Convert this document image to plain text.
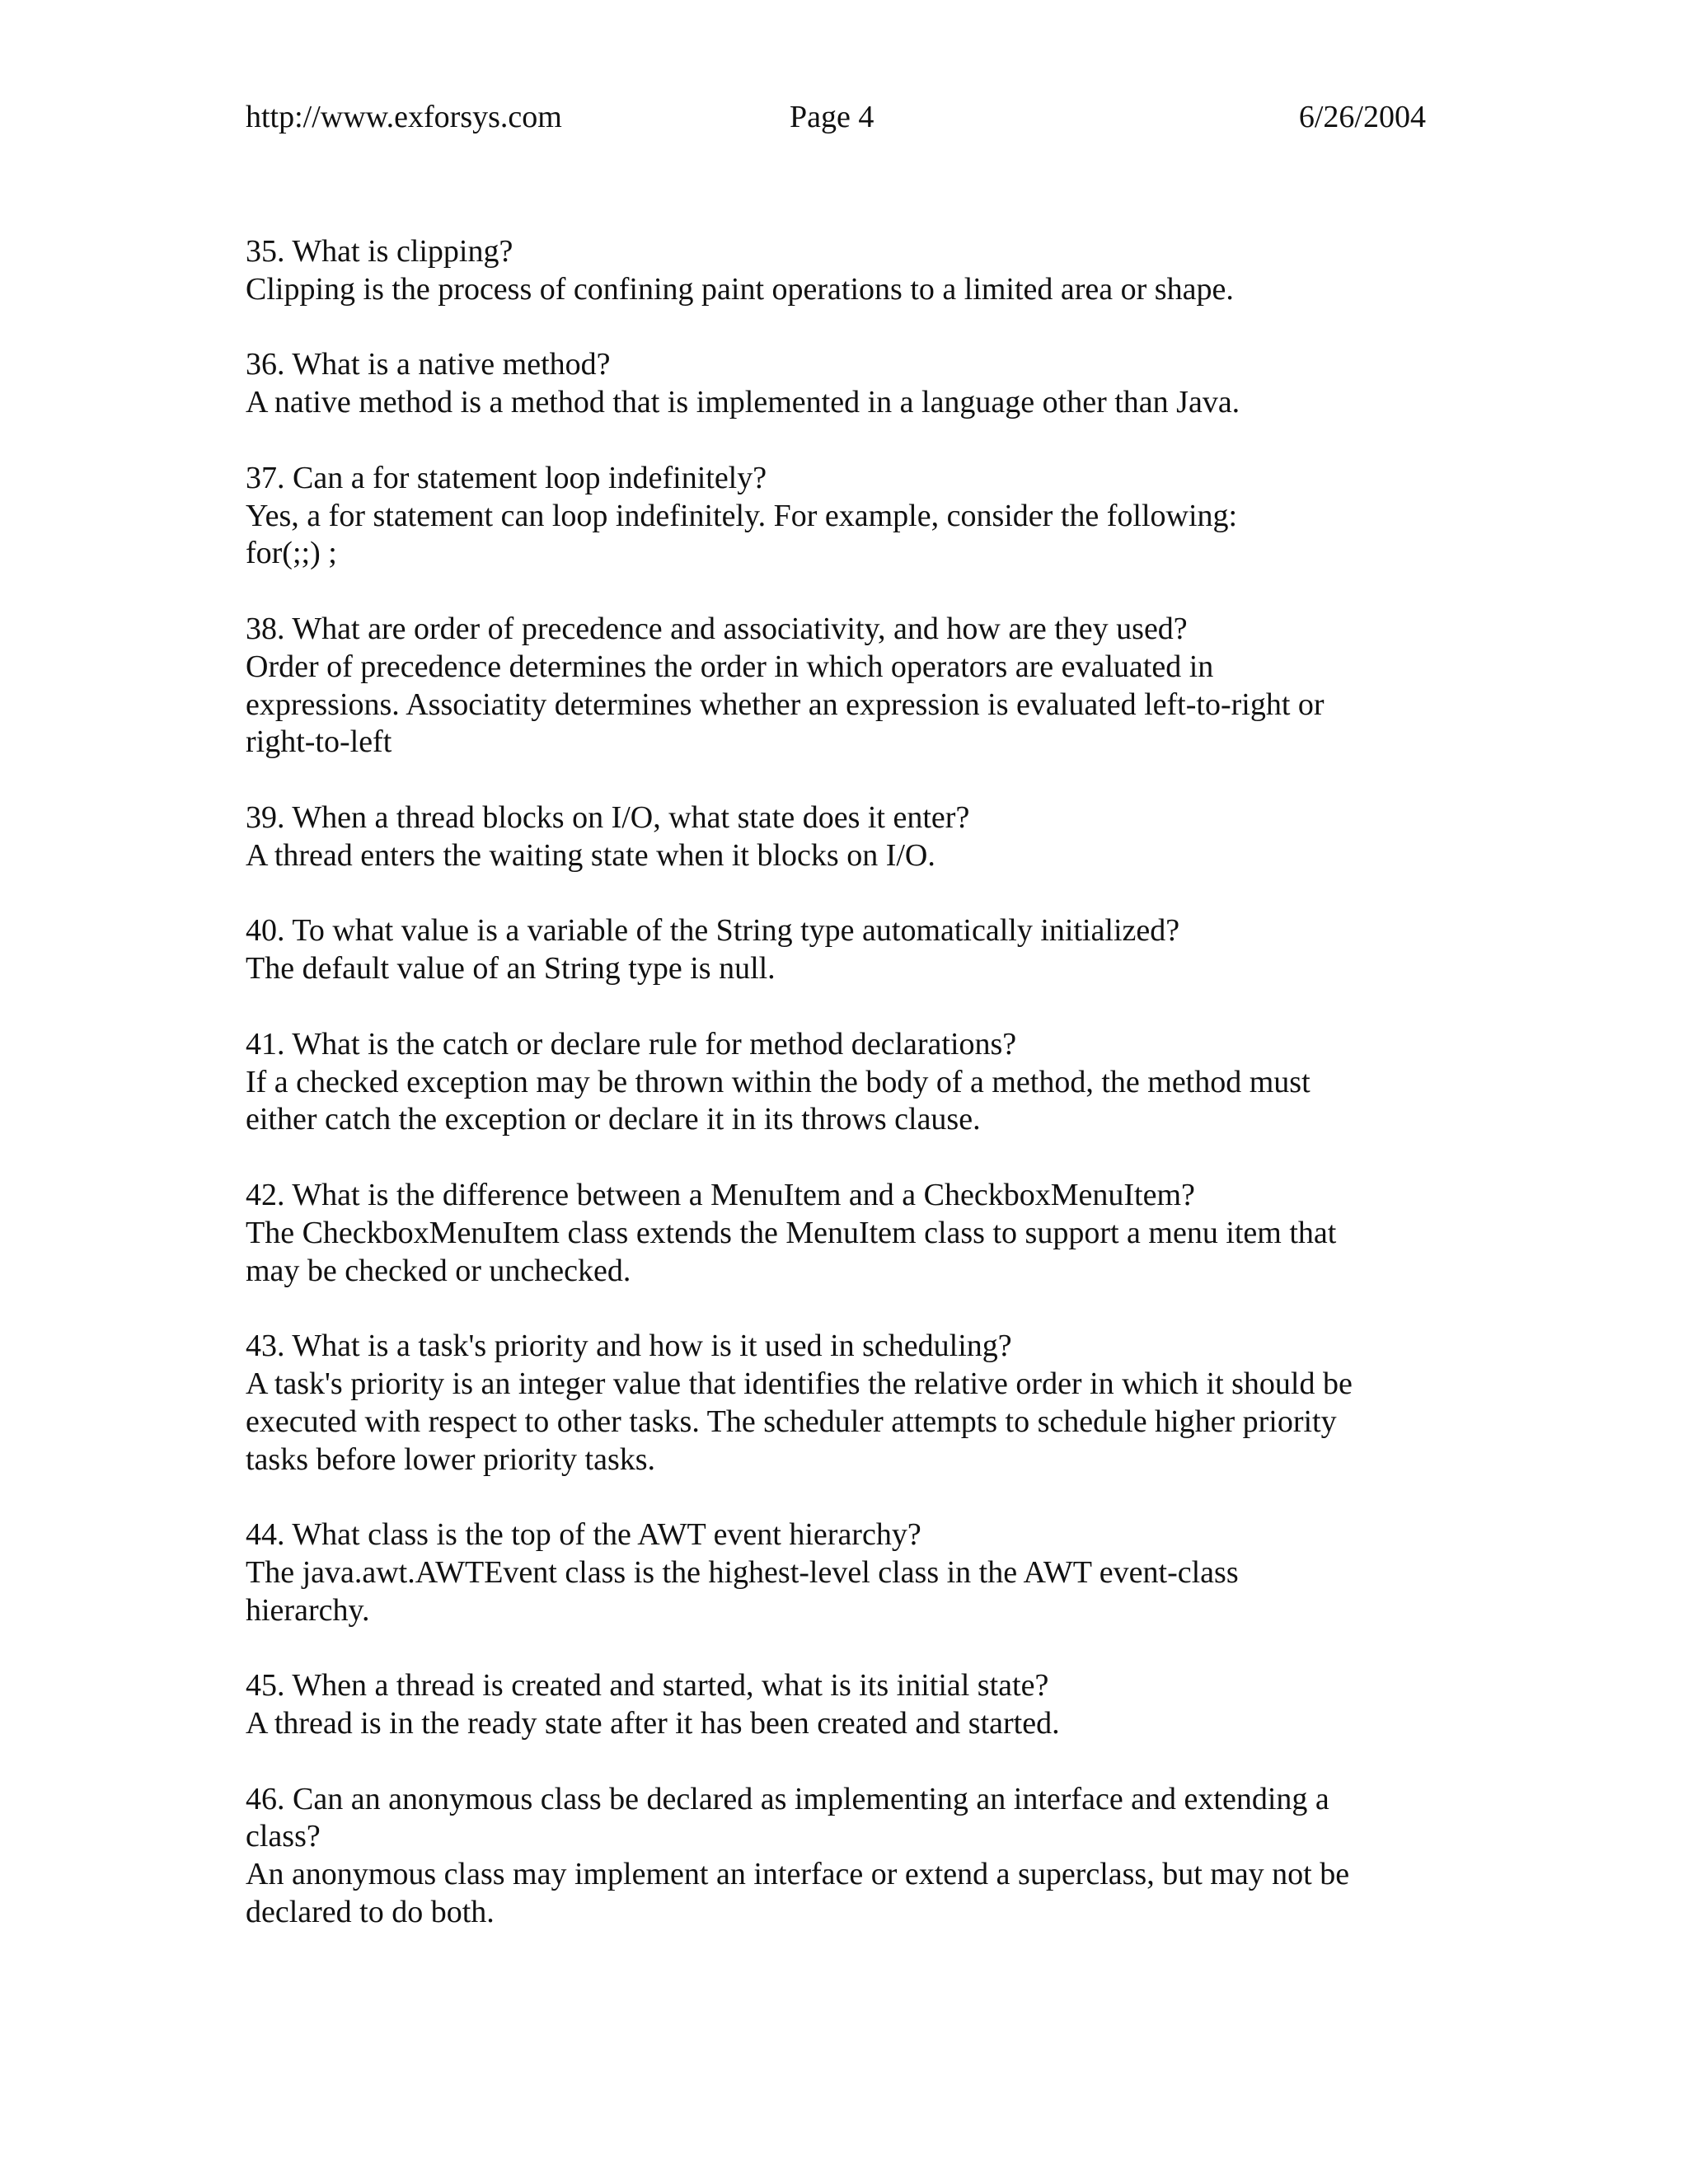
http://www.exforsys.com	Page 4	6/26/2004

35. What is clipping?

Clipping is the process of confining paint operations to a limited area or shape.

36. What is a native method?

A native method is a method that is implemented in a language other than Java.

37. Can a for statement loop indefinitely?

Yes, a for statement can loop indefinitely. For example, consider the following:
for(;;) ;

38. What are order of precedence and associativity, and how are they used?

Order of precedence determines the order in which operators are evaluated in
expressions. Associatity determines whether an expression is evaluated left-to-right or
right-to-left

39. When a thread blocks on I/O, what state does it enter?

A thread enters the waiting state when it blocks on I/O.

40. To what value is a variable of the String type automatically initialized?

The default value of an String type is null.

41. What is the catch or declare rule for method declarations?

If a checked exception may be thrown within the body of a method, the method must
either catch the exception or declare it in its throws clause.

42. What is the difference between a MenuItem and a CheckboxMenuItem?

The CheckboxMenuItem class extends the MenuItem class to support a menu item that
may be checked or unchecked.

43. What is a task's priority and how is it used in scheduling?

A task's priority is an integer value that identifies the relative order in which it should be
executed with respect to other tasks. The scheduler attempts to schedule higher priority
tasks before lower priority tasks.

44. What class is the top of the AWT event hierarchy?

The java.awt.AWTEvent class is the highest-level class in the AWT event-class
hierarchy.

45. When a thread is created and started, what is its initial state?

A thread is in the ready state after it has been created and started.

46. Can an anonymous class be declared as implementing an interface and extending a
class?

An anonymous class may implement an interface or extend a superclass, but may not be
declared to do both.
